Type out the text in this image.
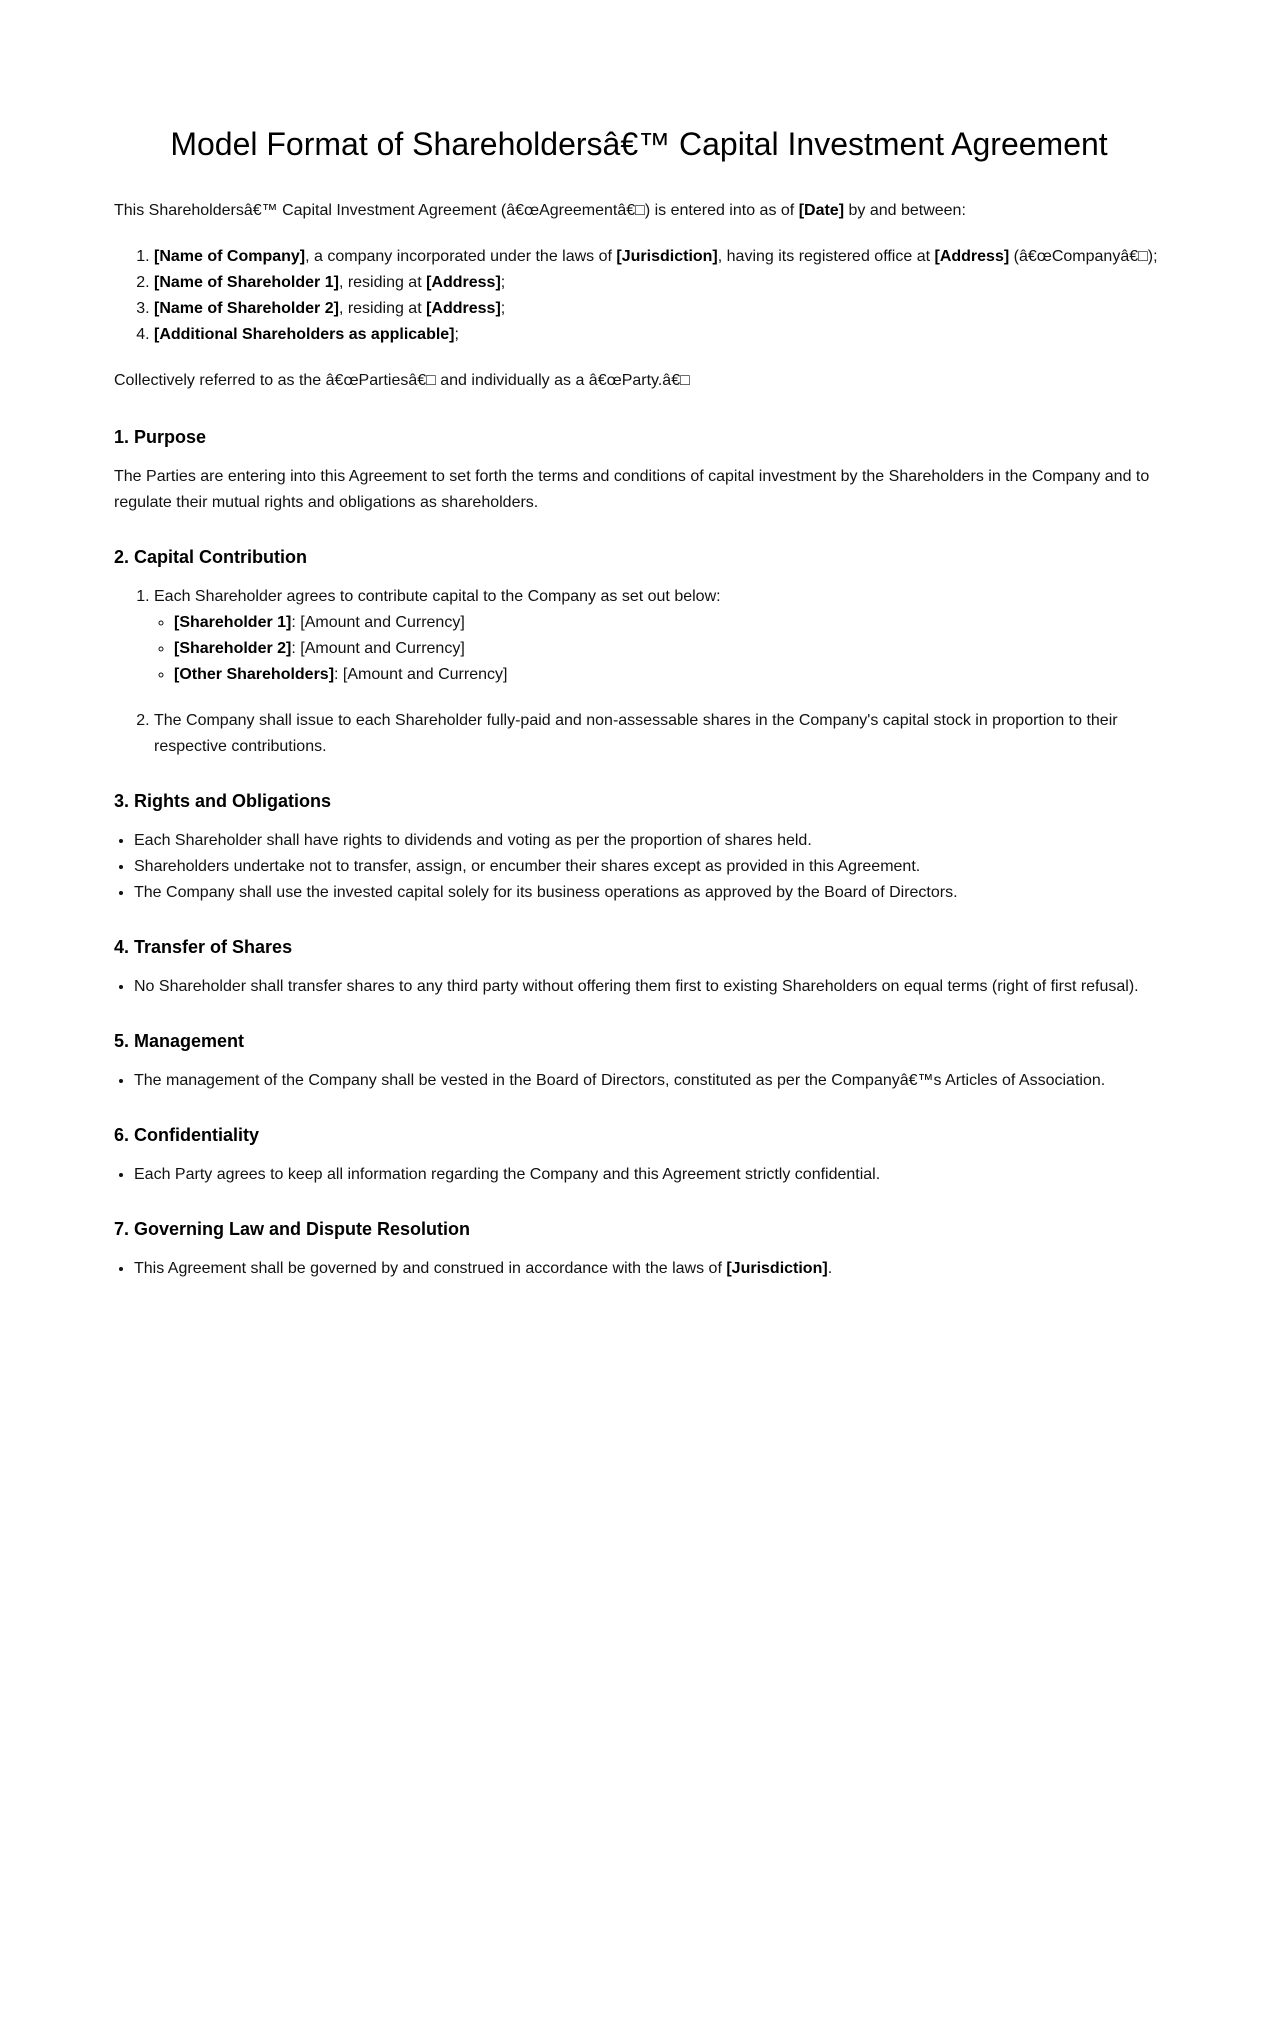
Model Format of Shareholdersâ€™ Capital Investment Agreement

This Shareholdersâ€™ Capital Investment Agreement (â€œAgreementâ€□) is entered into as of [Date] by and between:

1. [Name of Company], a company incorporated under the laws of [Jurisdiction], having its registered office at [Address] (â€œCompanyâ€□);
2. [Name of Shareholder 1], residing at [Address];
3. [Name of Shareholder 2], residing at [Address];
4. [Additional Shareholders as applicable];

Collectively referred to as the â€œPartiesâ€□ and individually as a â€œParty.â€□

1. Purpose

The Parties are entering into this Agreement to set forth the terms and conditions of capital investment by the Shareholders in the Company and to regulate their mutual rights and obligations as shareholders.

2. Capital Contribution
1. Each Shareholder agrees to contribute capital to the Company as set out below:
◦ [Shareholder 1]: [Amount and Currency]
◦ [Shareholder 2]: [Amount and Currency]
◦ [Other Shareholders]: [Amount and Currency]
2. The Company shall issue to each Shareholder fully-paid and non-assessable shares in the Company's capital stock in proportion to their respective contributions.
3. Rights and Obligations
• Each Shareholder shall have rights to dividends and voting as per the proportion of shares held.
• Shareholders undertake not to transfer, assign, or encumber their shares except as provided in this Agreement.
• The Company shall use the invested capital solely for its business operations as approved by the Board of Directors.
4. Transfer of Shares
• No Shareholder shall transfer shares to any third party without offering them first to existing Shareholders on equal terms (right of first refusal).
5. Management
• The management of the Company shall be vested in the Board of Directors, constituted as per the Companyâ€™s Articles of Association.
6. Confidentiality
• Each Party agrees to keep all information regarding the Company and this Agreement strictly confidential.
7. Governing Law and Dispute Resolution
• This Agreement shall be governed by and construed in accordance with the laws of [Jurisdiction].
